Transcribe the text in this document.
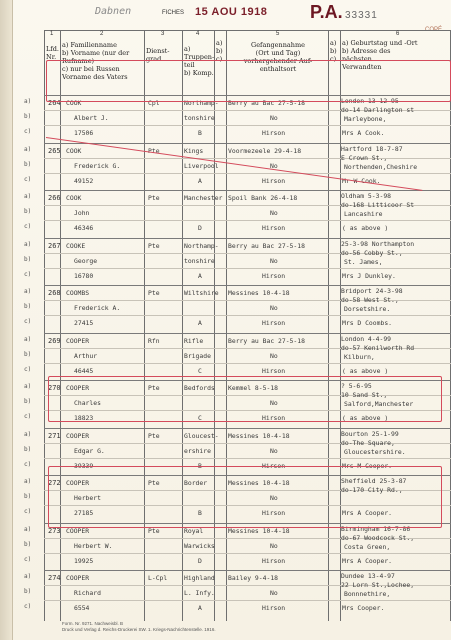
Dabnen	FICHES 15 AOU 1918 P.A. 33331
COPÉ
1	2	3	4	5	6
Lfd. Nr.
a) Familienname
b) Vorname (nur der Rufname)
c) nur bei Russen Vorname des Vaters
Dienst-
grad
a) Truppen-
teil
b) Komp.
a)
b)
c)
Gefangennahme
(Ort und Tag)
vorhergehender Auf-
enthaltsort
a)
b)
c)
a) Geburtstag und -Ort
b) Adresse des
nächsten
Verwandten
a)
b)
c)
264 COOK
Albert J.
17506
Cpl	Northamp-
tonshire
B
Berry au Bac 27-5-18
No
Hirson
London 13-12-95
do-14 Darlington st
Marleybone,
Mrs A Cook.
a)
b)
c)
265 COOK
Frederick G.
49152
Pte	Kings
Liverpool
A
Voormezeele 29-4-18
No
Hirson
Hartford 18-7-87
E Crown St.,
Northenden,Cheshire
Mr W Cook.
a)
b)
c)
266 COOK
John
46346
Pte	Manchester
D
Spoil Bank 26-4-18
No
Hirson
Oldham 5-3-98
do-168 Litticoor St
Lancashire
( as above )
a)
b)
c)
267 COOKE
George
16780
Pte	Northamp-
tonshire
A
Berry au Bac 27-5-18
No
Hirson
25-3-98 Northampton
do-56 Cobby St.,
St. James,
Mrs J Dunkley.
a)
b)
c)
268 COOMBS
Frederick A.
27415
Pte	Wiltshire
A
Messines 10-4-18
No
Hirson
Bridport 24-3-98
do-58 West St.,
Dorsetshire.
Mrs D Coombs.
a)
b)
c)
269 COOPER
Arthur
46445
Rfn	Rifle
Brigade
C
Berry au Bac 27-5-18
No
Hirson
London 4-4-99
do-57 Kenilworth Rd
Kilburn,
( as above )
a)
b)
c)
270 COOPER
Charles
18823
Pte	Bedfords
C
Kemmel 8-5-18
No
Hirson
? 5-6-95
10 Sand St.,
Salford,Manchester
( as above )
a)
b)
c)
271 COOPER
Edgar G.
39339
Pte	Gloucest-
ershire
B
Messines 10-4-18
No
Hirson
Bourton 25-1-99
do-The Square,
Gloucestershire.
Mrs M Cooper.
a)
b)
c)
272 COOPER
Herbert
27185
Pte	Border
B
Messines 10-4-18
No
Hirson
Sheffield 25-3-87
do-170 City Rd.,
Mrs A Cooper.
a)
b)
c)
273 COOPER
Herbert W.
19925
Pte	Royal
Warwicks
D
Messines 10-4-18
No
Hirson
Birmingham 16-7-86
do-67 Woodcock St.,
Costa Green,
Mrs A Cooper.
a)
b)
c)
274 COOPER
Richard
6554
L-Cpl	Highland
L. Infy.
A
Bailey 9-4-18
No
Hirson
Dundee 13-4-97
22 Lorn St.,Lochee,
Bonnnethire,
Mrs Cooper.
Form. Nr. 9271. Nachweisbl. B
Druck und Verlag d. Reichs-Druckerei SW. 1. Kriegs-Nachrichtenstelle. 1916.
